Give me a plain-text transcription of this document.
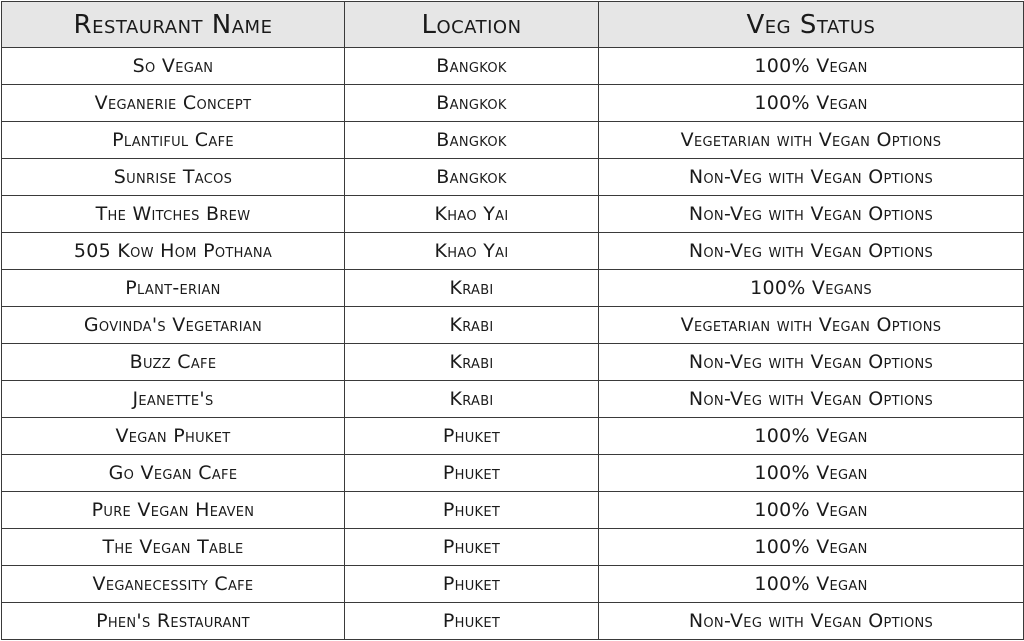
Restaurant Name	Location	Veg Status
So Vegan	Bangkok	100% Vegan
Veganerie Concept	Bangkok	100% Vegan
Plantiful Cafe	Bangkok	Vegetarian with Vegan Options
Sunrise Tacos	Bangkok	Non-Veg with Vegan Options
The Witches Brew	Khao Yai	Non-Veg with Vegan Options
505 Kow Hom Pothana	Khao Yai	Non-Veg with Vegan Options
Plant-erian	Krabi	100% Vegans
Govinda's Vegetarian	Krabi	Vegetarian with Vegan Options
Buzz Cafe	Krabi	Non-Veg with Vegan Options
Jeanette's	Krabi	Non-Veg with Vegan Options
Vegan Phuket	Phuket	100% Vegan
Go Vegan Cafe	Phuket	100% Vegan
Pure Vegan Heaven	Phuket	100% Vegan
The Vegan Table	Phuket	100% Vegan
Veganecessity Cafe	Phuket	100% Vegan
Phen's Restaurant	Phuket	Non-Veg with Vegan Options
